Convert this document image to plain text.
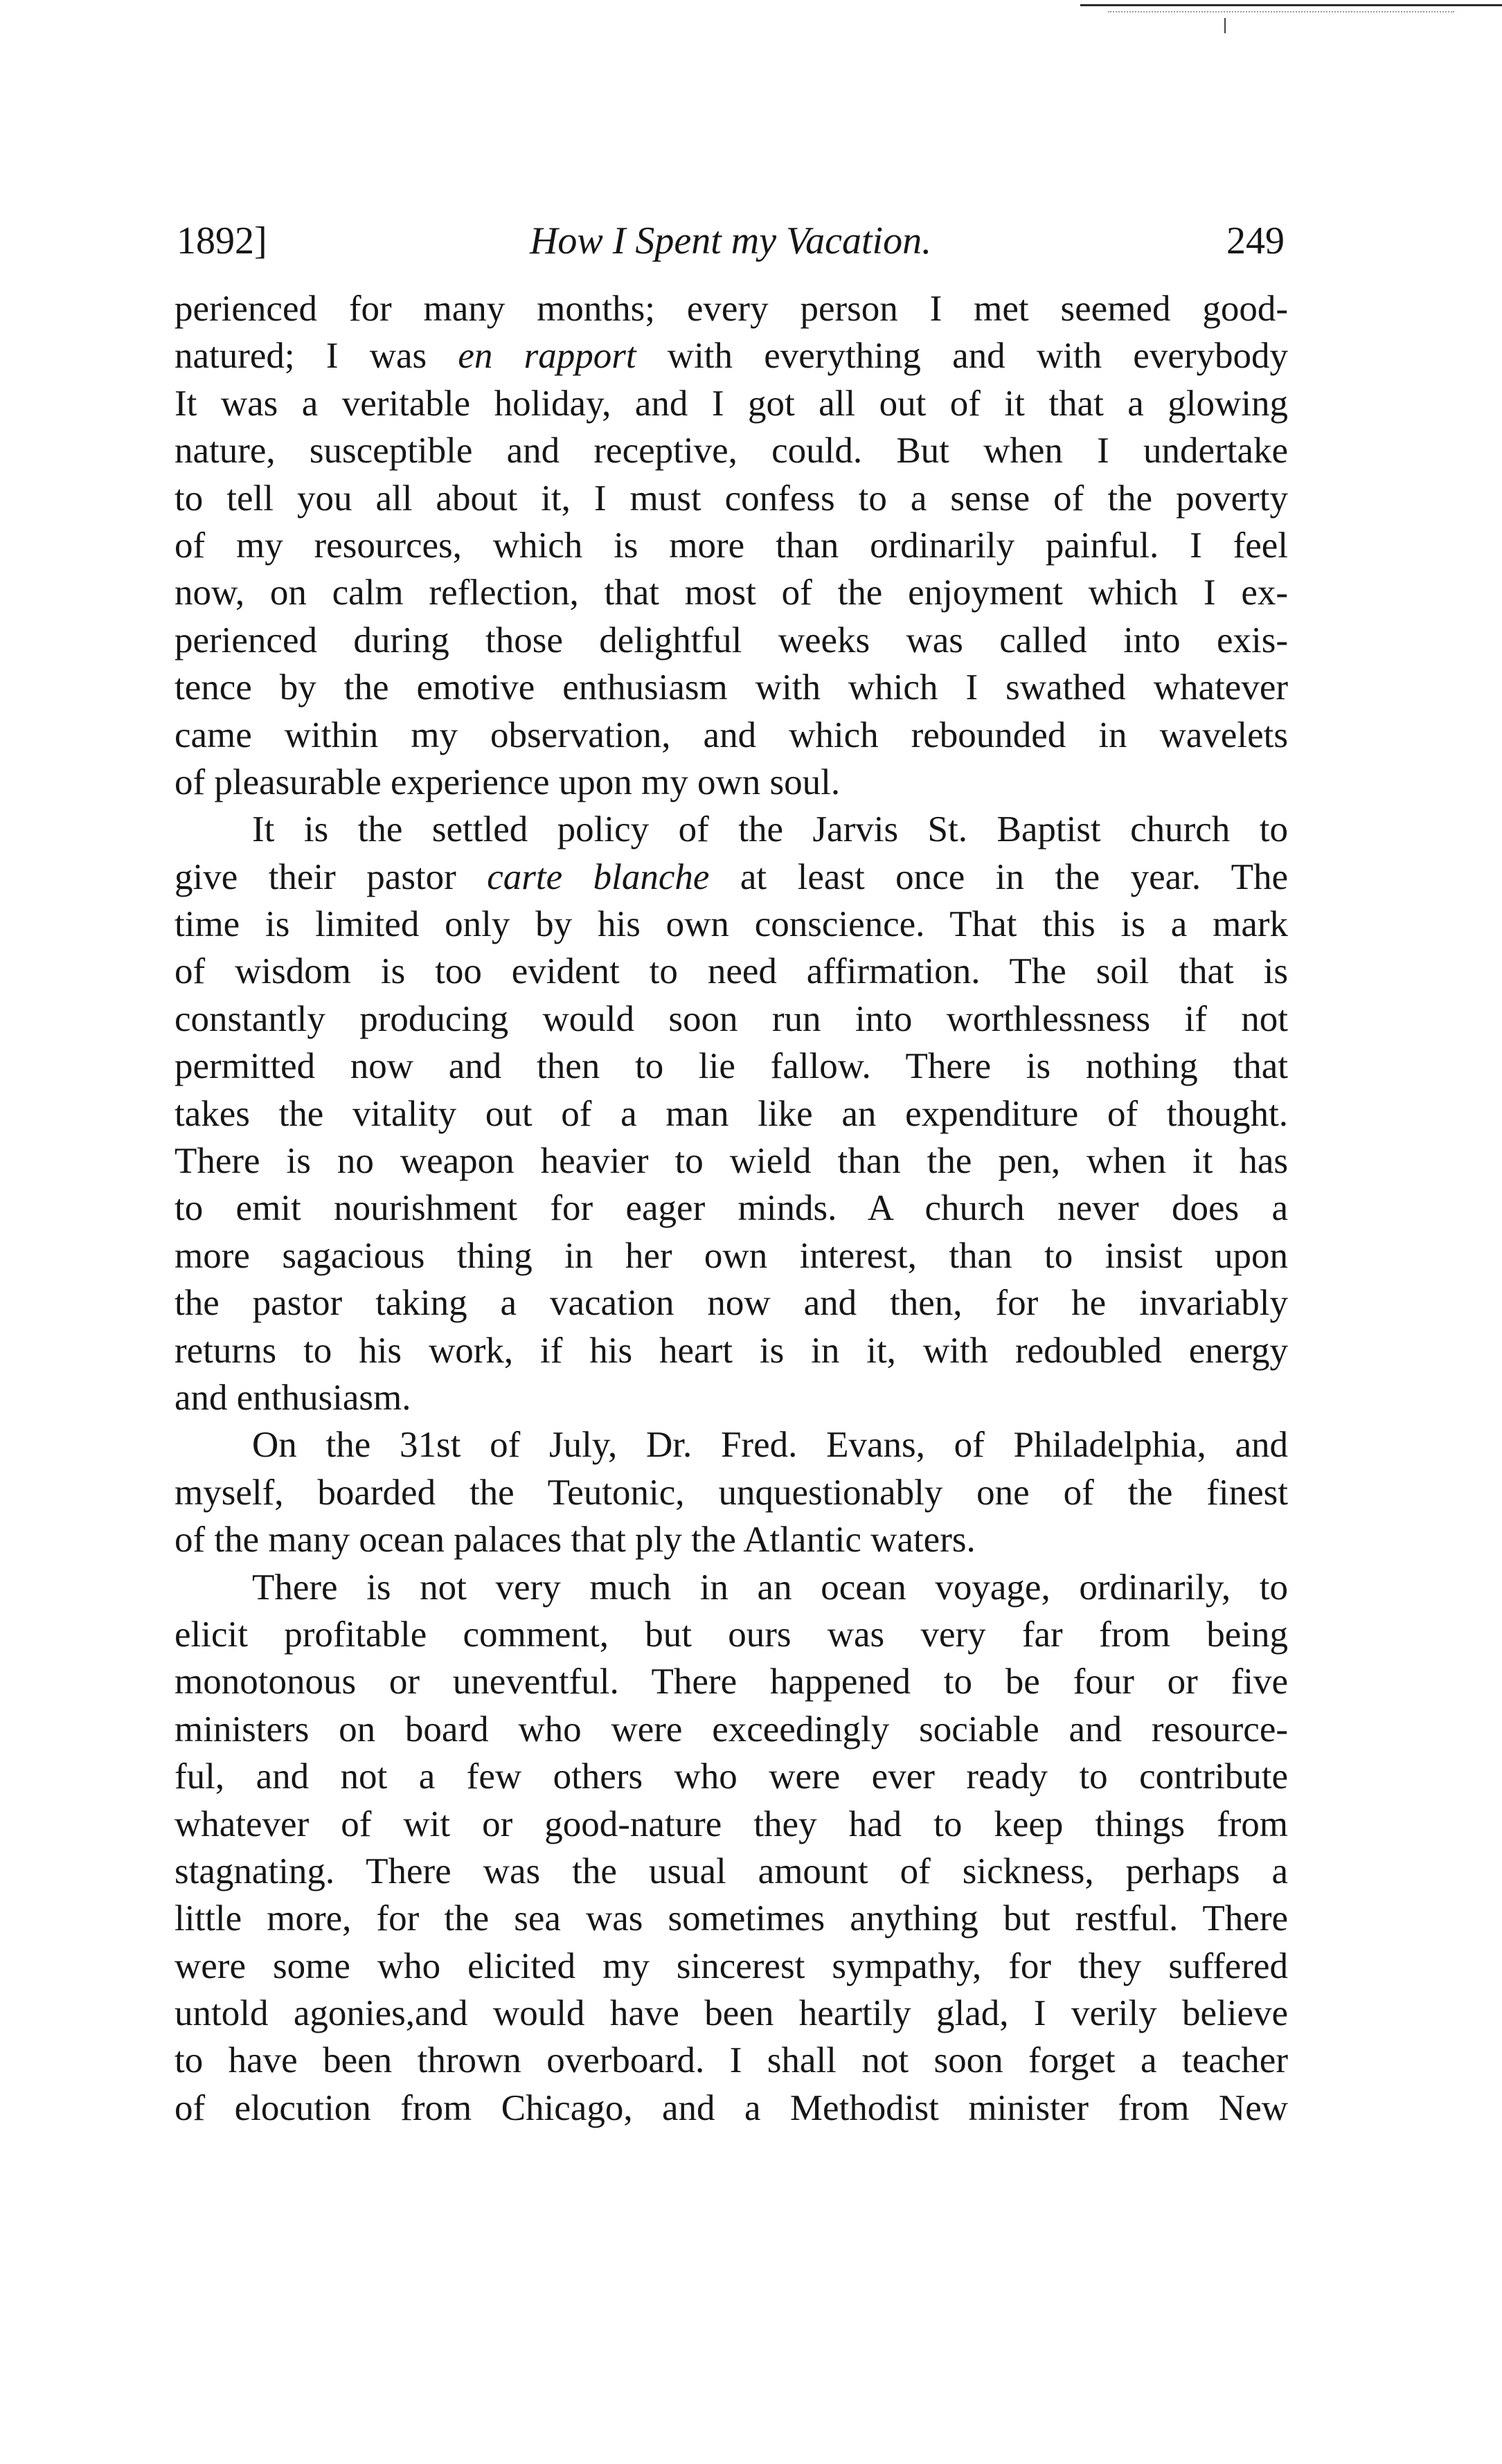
1892]	How I Spent my Vacation.	249
perienced for many months; every person I met seemed good-
natured; I was en rapport with everything and with everybody
It was a veritable holiday, and I got all out of it that a glowing
nature, susceptible and receptive, could. But when I undertake
to tell you all about it, I must confess to a sense of the poverty
of my resources, which is more than ordinarily painful. I feel
now, on calm reflection, that most of the enjoyment which I ex-
perienced during those delightful weeks was called into exis-
tence by the emotive enthusiasm with which I swathed whatever
came within my observation, and which rebounded in wavelets
of pleasurable experience upon my own soul.
It is the settled policy of the Jarvis St. Baptist church to
give their pastor carte blanche at least once in the year. The
time is limited only by his own conscience. That this is a mark
of wisdom is too evident to need affirmation. The soil that is
constantly producing would soon run into worthlessness if not
permitted now and then to lie fallow. There is nothing that
takes the vitality out of a man like an expenditure of thought.
There is no weapon heavier to wield than the pen, when it has
to emit nourishment for eager minds. A church never does a
more sagacious thing in her own interest, than to insist upon
the pastor taking a vacation now and then, for he invariably
returns to his work, if his heart is in it, with redoubled energy
and enthusiasm.
On the 31st of July, Dr. Fred. Evans, of Philadelphia, and
myself, boarded the Teutonic, unquestionably one of the finest
of the many ocean palaces that ply the Atlantic waters.
There is not very much in an ocean voyage, ordinarily, to
elicit profitable comment, but ours was very far from being
monotonous or uneventful. There happened to be four or five
ministers on board who were exceedingly sociable and resource-
ful, and not a few others who were ever ready to contribute
whatever of wit or good-nature they had to keep things from
stagnating. There was the usual amount of sickness, perhaps a
little more, for the sea was sometimes anything but restful. There
were some who elicited my sincerest sympathy, for they suffered
untold agonies,and would have been heartily glad, I verily believe
to have been thrown overboard. I shall not soon forget a teacher
of elocution from Chicago, and a Methodist minister from New
